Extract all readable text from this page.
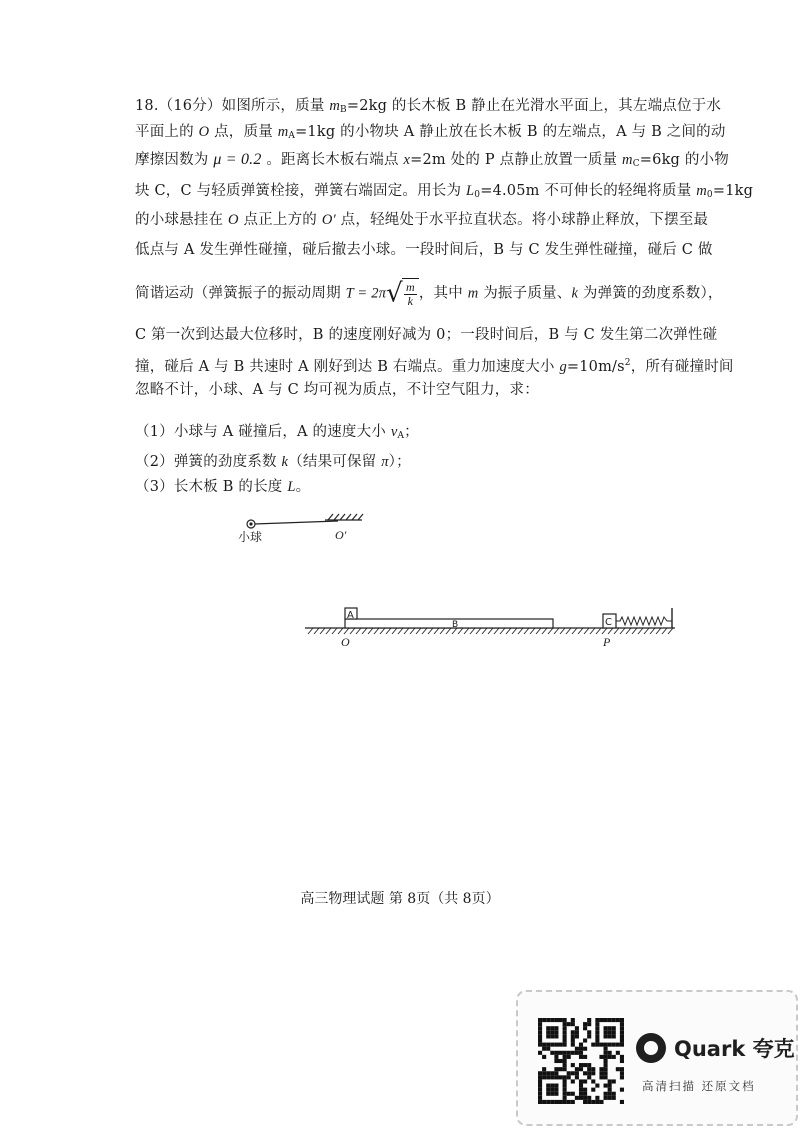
18.（16分）如图所示，质量 $m_B=2kg$ 的长木板 B 静止在光滑水平面上，其左端点位于水
平面上的 O 点，质量 $m_A=1kg$ 的小物块 A 静止放在长木板 B 的左端点，A 与 B 之间的动
摩擦因数为 μ = 0.2 。距离长木板右端点 x=2m 处的 P 点静止放置一质量 $m_C=6kg$ 的小物
块 C，C 与轻质弹簧栓接，弹簧右端固定。用长为 $L_0=4.05m$ 不可伸长的轻绳将质量 $m_0=1kg$
的小球悬挂在 O 点正上方的 O′ 点，轻绳处于水平拉直状态。将小球静止释放，下摆至最
低点与 A 发生弹性碰撞，碰后撤去小球。一段时间后，B 与 C 发生弹性碰撞，碰后 C 做
简谐运动（弹簧振子的振动周期 $T = 2\pi√ \frac{m}{k}$ ，其中 m 为振子质量、k 为弹簧的劲度系数），
C 第一次到达最大位移时，B 的速度刚好减为 0；一段时间后，B 与 C 发生第二次弹性碰
撞，碰后 A 与 B 共速时 A 刚好到达 B 右端点。重力加速度大小 $g=10m/s^2$，所有碰撞时间
忽略不计，小球、A 与 C 均可视为质点，不计空气阻力，求：
（1）小球与 A 碰撞后，A 的速度大小 $v_A$；
（2）弹簧的劲度系数 k（结果可保留 π）；
（3）长木板 B 的长度 L。
小球	O′
B
A
C
O	P
高三物理试题 第 8页（共 8页）
Quark 夸克
高清扫描 还原文档
